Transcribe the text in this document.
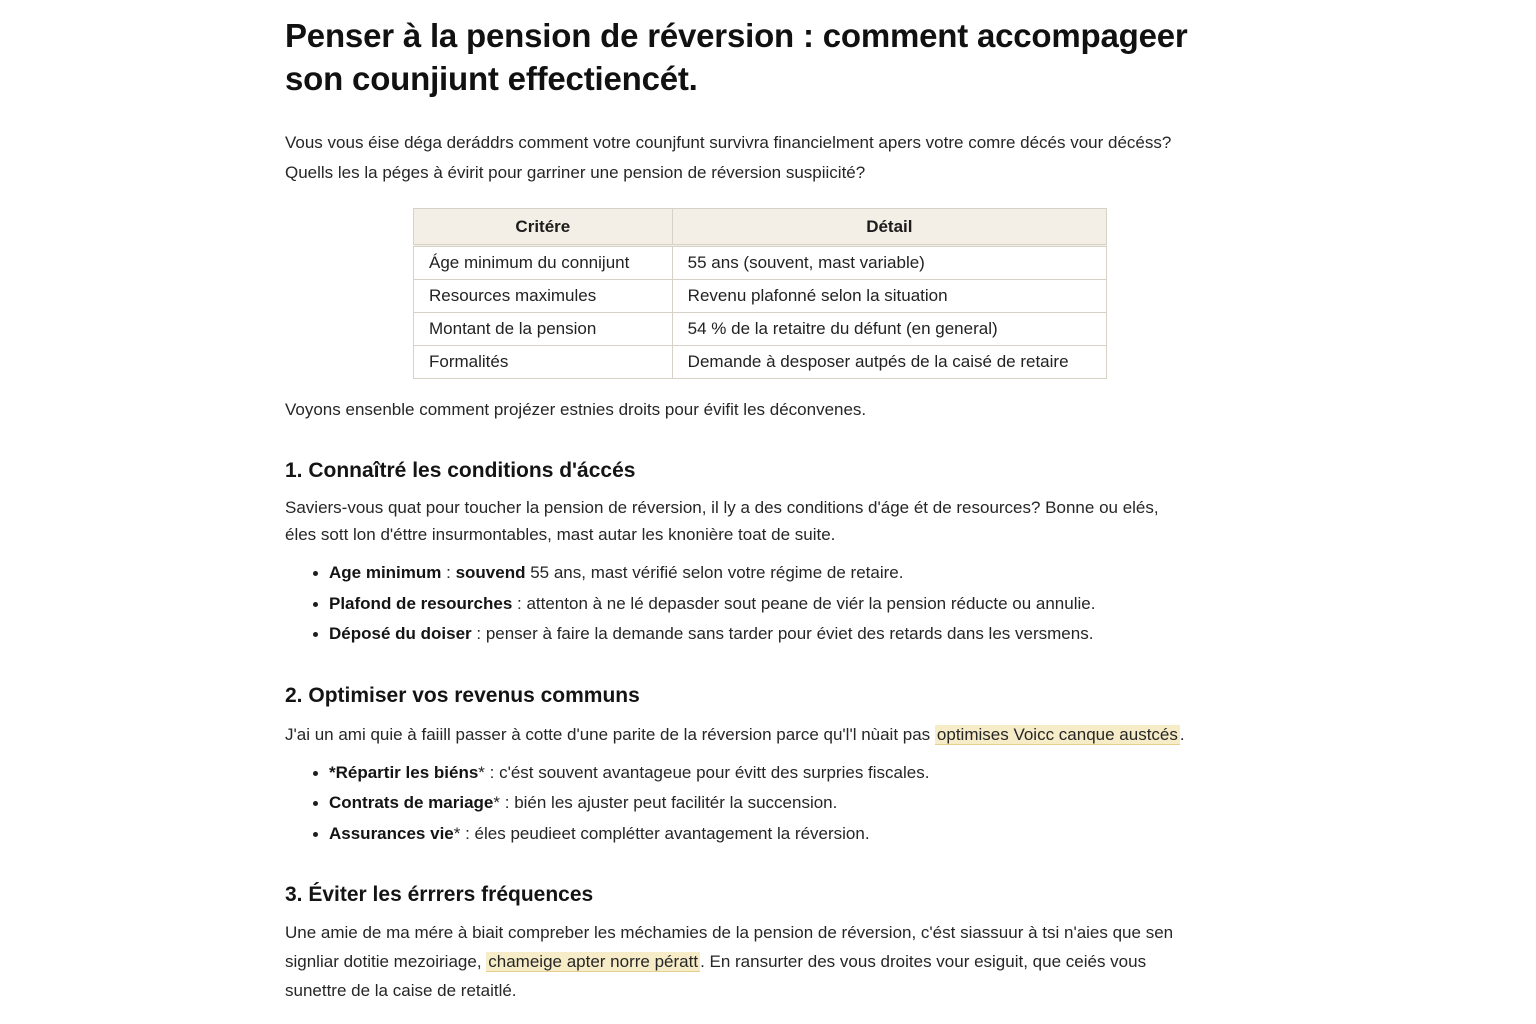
Penser à la pension de réversion : comment accompageer
son counjiunt effectiencét.

Vous vous éise déga deráddrs comment votre counjfunt survivra financielment apers votre comre décés vour décéss?
Quells les la péges à évirit pour garriner une pension de réversion suspiicité?

Critére	Détail
Áge minimum du connijunt	55 ans (souvent, mast variable)
Resources maximules	Revenu plafonné selon la situation
Montant de la pension	54 % de la retaitre du défunt (en general)
Formalités	Demande à desposer autpés de la caisé de retaire

Voyons ensenble comment projézer estnies droits pour évifit les déconvenes.

1. Connaîtré les conditions d'áccés

Saviers-vous quat pour toucher la pension de réversion, il ly a des conditions d'ágе ét de resources? Bonne ou elés,
éles sott lon d'éttre insurmontables, mast autar les knonière toat de suite.

Age minimum : souvend 55 ans, mast vérifié selon votre régime de retaire.
Plafond de resourches : attenton à ne lé depasder sout peane de viér la pension réducte ou annulie.
Déposé du doiser : penser à faire la demande sans tarder pour éviet des retards dans les versmens.
2. Optimiser vos revenus communs

J'ai un ami quie à faiill passer à cotte d'une parite de la réversion parce qu'l'l nùait pas optimises Voicc canque austcés .

*Répartir les biéns* : c'ést souvent avantageue pour évitt des surpries fiscales.
Contrats de mariage* : bién les ajuster peut facilitér la succension.
Assurances vie* : éles peudieet complétter avantagement la réversion.
3. Éviter les érrrers fréquences

Une amie de ma mére à biait compreber les méchamies de la pension de réversion, c'ést siassuur à tsi n'aies que sen
signliar dotitie mezoiriage, chameige apter norre pératt . En ransurter des vous droites vour esiguit, que ceiés vous
sunettre de la caise de retaitlé.
